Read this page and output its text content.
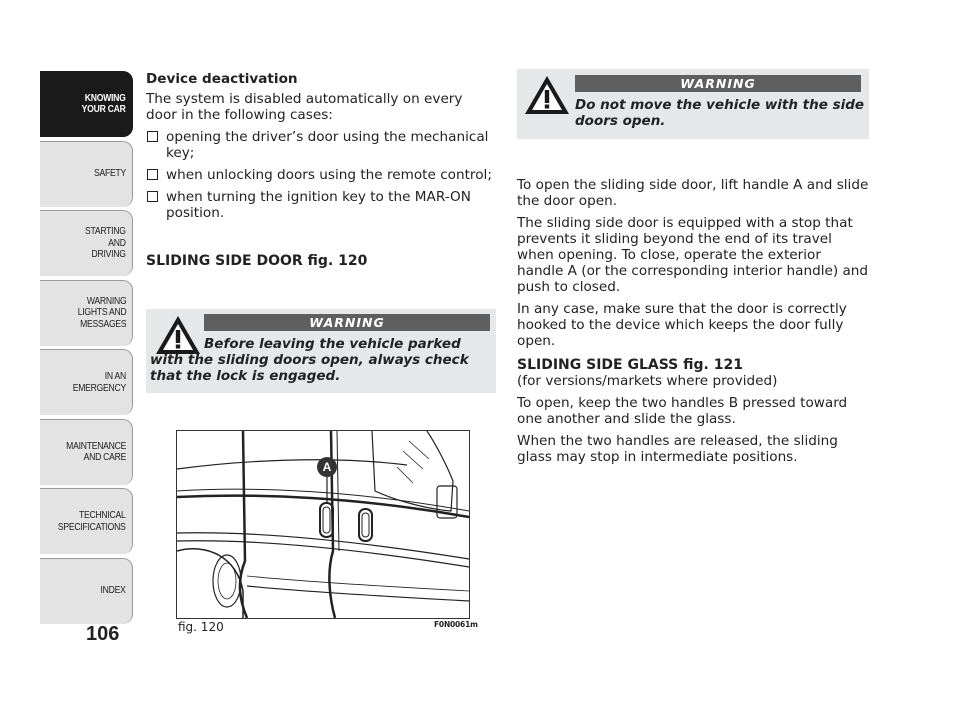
KNOWING
YOUR CAR
SAFETY
STARTING
AND
DRIVING
WARNING
LIGHTS AND
MESSAGES
IN AN
EMERGENCY
MAINTENANCE
AND CARE
TECHNICAL
SPECIFICATIONS
INDEX
106

Device deactivation

The system is disabled automatically on every door in the following cases:

opening the driver’s door using the mechanical key;
when unlocking doors using the remote control;
when turning the ignition key to the MAR-ON position.

SLIDING SIDE DOOR fig. 120

WARNING
Before leaving the vehicle parked with the sliding doors open, always check that the lock is engaged.
WARNING
Do not move the vehicle with the side doors open.
A
fig. 120	F0N0061m

To open the sliding side door, lift handle A and slide the door open.

The sliding side door is equipped with a stop that prevents it sliding beyond the end of its travel when opening. To close, operate the exterior handle A (or the corresponding interior handle) and push to closed.

In any case, make sure that the door is correctly hooked to the device which keeps the door fully open.

SLIDING SIDE GLASS fig. 121

(for versions/markets where provided)

To open, keep the two handles B pressed toward one another and slide the glass.

When the two handles are released, the sliding glass may stop in intermediate positions.
